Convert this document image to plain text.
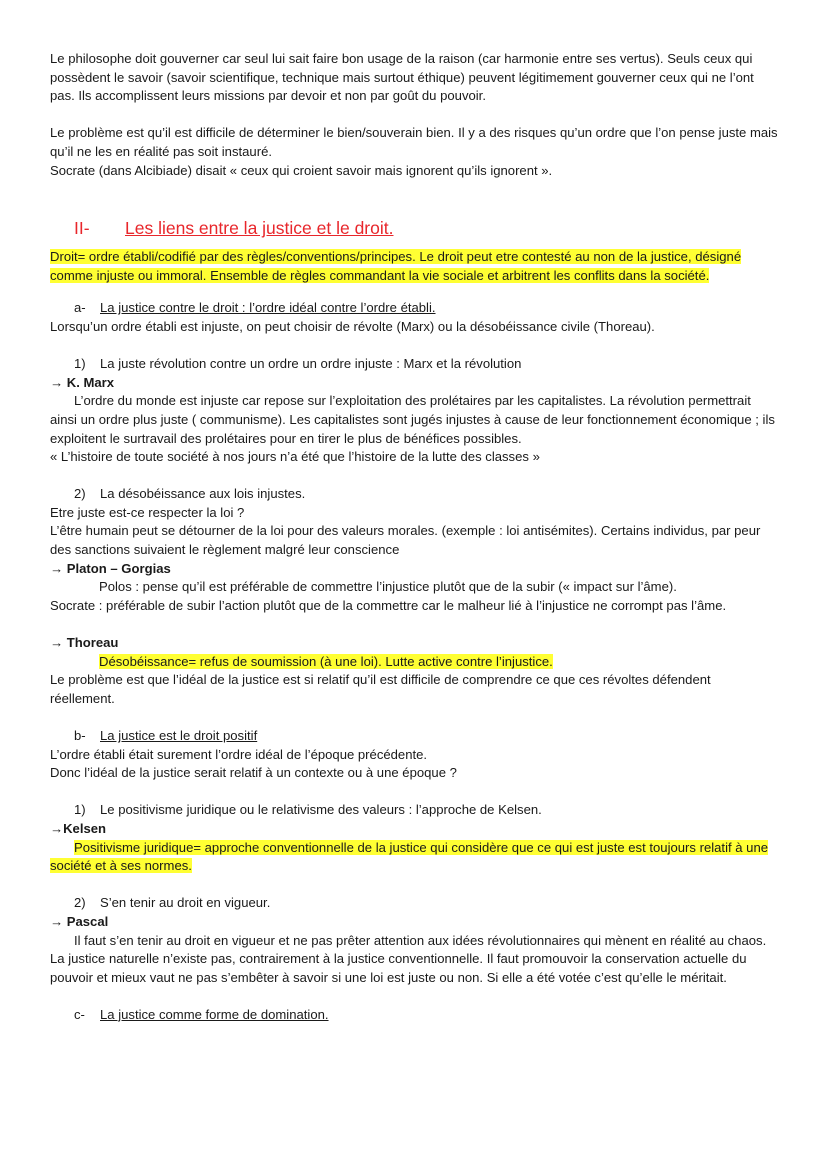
Le philosophe doit gouverner car seul lui sait faire bon usage de la raison (car harmonie entre ses vertus). Seuls ceux qui possèdent le savoir (savoir scientifique, technique mais surtout éthique) peuvent légitimement gouverner ceux qui ne l’ont pas. Ils accomplissent leurs missions par devoir et non par goût du pouvoir.

Le problème est qu’il est difficile de déterminer le bien/souverain bien. Il y a des risques qu’un ordre que l’on pense juste mais qu’il ne les en réalité pas soit instauré.

Socrate (dans Alcibiade) disait « ceux qui croient savoir mais ignorent qu’ils ignorent ».

II- Les liens entre la justice et le droit.

Droit= ordre établi/codifié par des règles/conventions/principes. Le droit peut etre contesté au non de la justice, désigné comme injuste ou immoral. Ensemble de règles commandant la vie sociale et arbitrent les conflits dans la société.

a- La justice contre le droit : l’ordre idéal contre l’ordre établi.

Lorsqu’un ordre établi est injuste, on peut choisir de révolte (Marx) ou la désobéissance civile (Thoreau).

1) La juste révolution contre un ordre un ordre injuste : Marx et la révolution

→ K. Marx

L’ordre du monde est injuste car repose sur l’exploitation des prolétaires par les capitalistes. La révolution permettrait ainsi un ordre plus juste ( communisme). Les capitalistes sont jugés injustes à cause de leur fonctionnement économique ; ils exploitent le surtravail des prolétaires pour en tirer le plus de bénéfices possibles.

« L’histoire de toute société à nos jours n’a été que l’histoire de la lutte des classes »

2) La désobéissance aux lois injustes.

Etre juste est-ce respecter la loi ?

L’être humain peut se détourner de la loi pour des valeurs morales. (exemple : loi antisémites). Certains individus, par peur des sanctions suivaient le règlement malgré leur conscience

→ Platon – Gorgias

Polos : pense qu’il est préférable de commettre l’injustice plutôt que de la subir (« impact sur l’âme).

Socrate : préférable de subir l’action plutôt que de la commettre car le malheur lié à l’injustice ne corrompt pas l’âme.

→ Thoreau

Désobéissance= refus de soumission (à une loi). Lutte active contre l’injustice.

Le problème est que l’idéal de la justice est si relatif qu’il est difficile de comprendre ce que ces révoltes défendent réellement.

b- La justice est le droit positif

L’ordre établi était surement l’ordre idéal de l’époque précédente.

Donc l’idéal de la justice serait relatif à un contexte ou à une époque ?

1) Le positivisme juridique ou le relativisme des valeurs : l’approche de Kelsen.

→Kelsen

Positivisme juridique= approche conventionnelle de la justice qui considère que ce qui est juste est toujours relatif à une société et à ses normes.

2) S’en tenir au droit en vigueur.

→ Pascal

Il faut s’en tenir au droit en vigueur et ne pas prêter attention aux idées révolutionnaires qui mènent en réalité au chaos. La justice naturelle n’existe pas, contrairement à la justice conventionnelle. Il faut promouvoir la conservation actuelle du pouvoir et mieux vaut ne pas s’embêter à savoir si une loi est juste ou non. Si elle a été votée c’est qu’elle le méritait.

c- La justice comme forme de domination.
